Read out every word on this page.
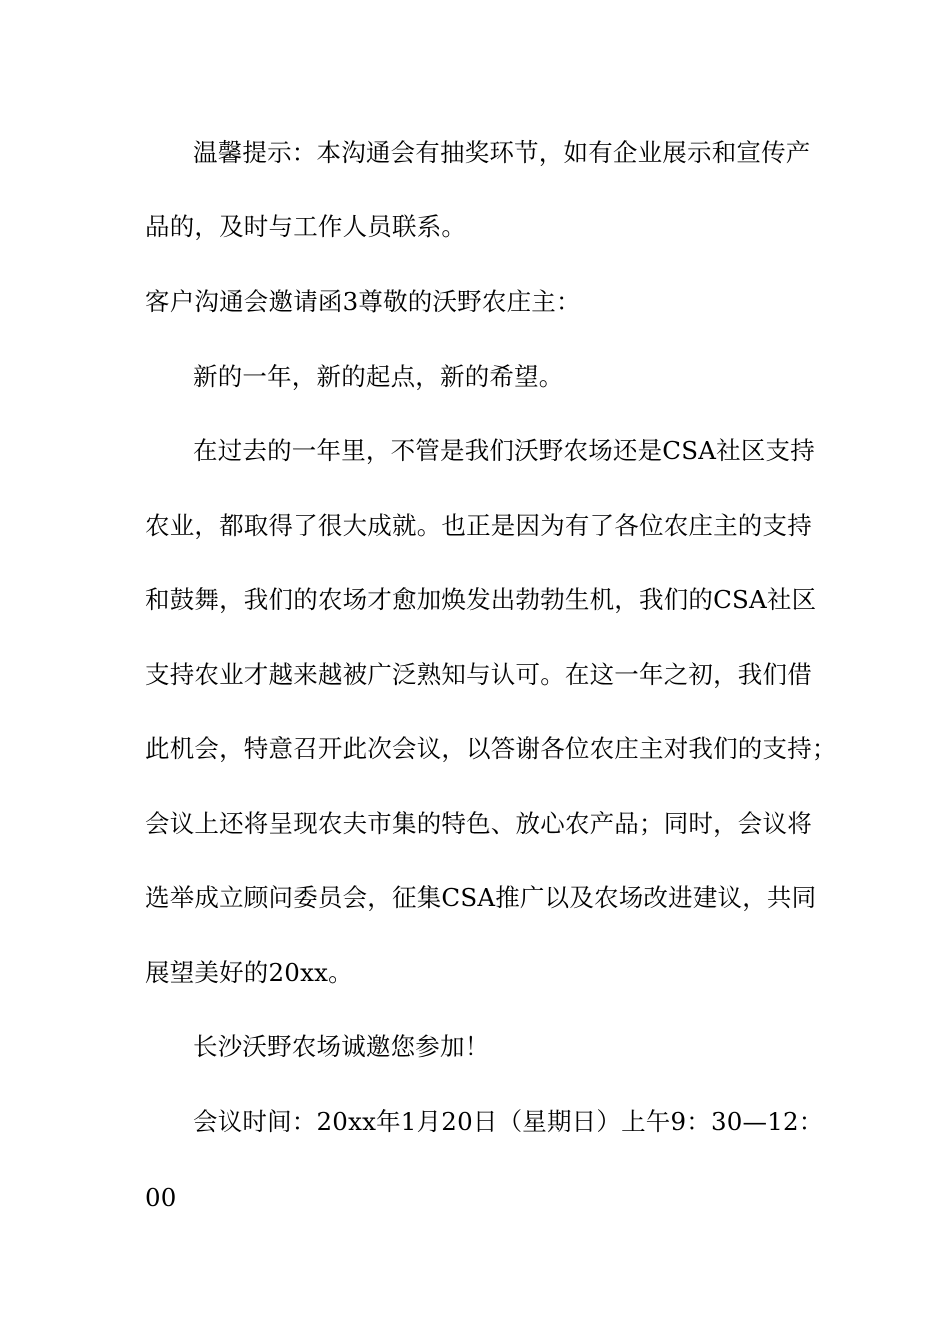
温馨提示：本沟通会有抽奖环节，如有企业展示和宣传产
品的，及时与工作人员联系。
客户沟通会邀请函3尊敬的沃野农庄主：
新的一年，新的起点，新的希望。
在过去的一年里，不管是我们沃野农场还是CSA社区支持
农业，都取得了很大成就。也正是因为有了各位农庄主的支持
和鼓舞，我们的农场才愈加焕发出勃勃生机，我们的CSA社区
支持农业才越来越被广泛熟知与认可。在这一年之初，我们借
此机会，特意召开此次会议，以答谢各位农庄主对我们的支持；
会议上还将呈现农夫市集的特色、放心农产品；同时，会议将
选举成立顾问委员会，征集CSA推广以及农场改进建议，共同
展望美好的20xx。
长沙沃野农场诚邀您参加！
会议时间：20xx年1月20日（星期日）上午9：30—12：
00
